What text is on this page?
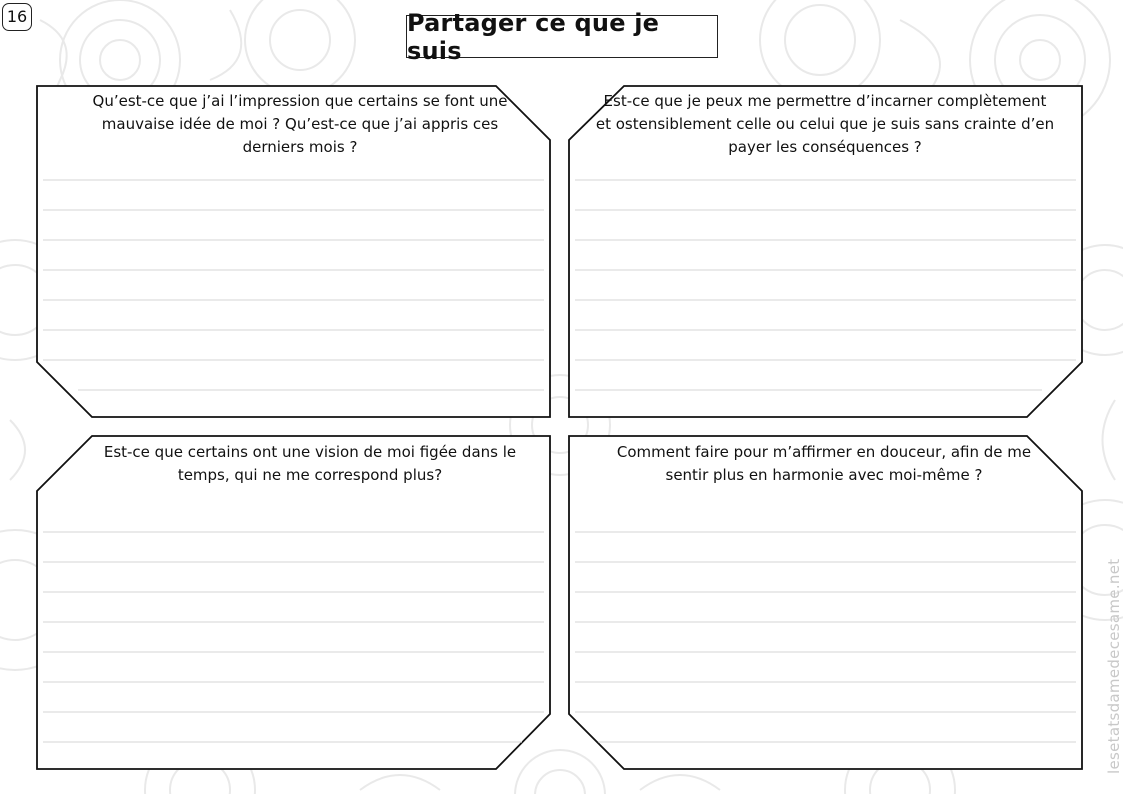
16	Partager ce que je suis
Qu’est-ce que j’ai l’impression que certains se font une mauvaise idée de moi ? Qu’est-ce que j’ai appris ces derniers mois ?
Est-ce que je peux me permettre d’incarner complètement et ostensiblement celle ou celui que je suis sans crainte d’en payer les conséquences ?
Est-ce que certains ont une vision de moi figée dans le temps, qui ne me correspond plus?
Comment faire pour m’affirmer en douceur, afin de me sentir plus en harmonie avec moi-même ?
lesetatsdamedecesame.net
